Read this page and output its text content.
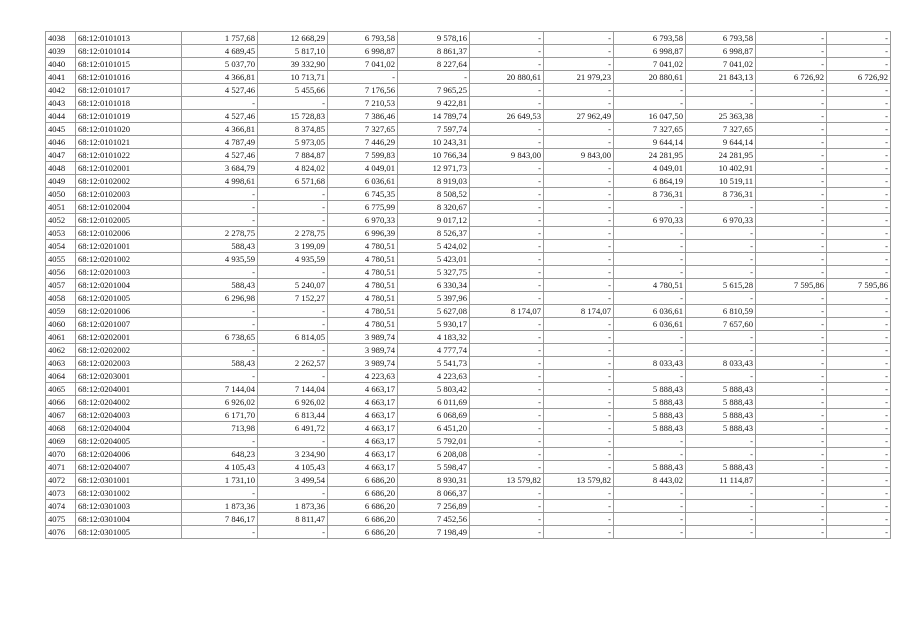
4038	68:12:0101013	1 757,68	12 668,29	6 793,58	9 578,16	-	-	6 793,58	6 793,58	-	-
4039	68:12:0101014	4 689,45	5 817,10	6 998,87	8 861,37	-	-	6 998,87	6 998,87	-	-
4040	68:12:0101015	5 037,70	39 332,90	7 041,02	8 227,64	-	-	7 041,02	7 041,02	-	-
4041	68:12:0101016	4 366,81	10 713,71	-	-	20 880,61	21 979,23	20 880,61	21 843,13	6 726,92	6 726,92
4042	68:12:0101017	4 527,46	5 455,66	7 176,56	7 965,25	-	-	-	-	-	-
4043	68:12:0101018	-	-	7 210,53	9 422,81	-	-	-	-	-	-
4044	68:12:0101019	4 527,46	15 728,83	7 386,46	14 789,74	26 649,53	27 962,49	16 047,50	25 363,38	-	-
4045	68:12:0101020	4 366,81	8 374,85	7 327,65	7 597,74	-	-	7 327,65	7 327,65	-	-
4046	68:12:0101021	4 787,49	5 973,05	7 446,29	10 243,31	-	-	9 644,14	9 644,14	-	-
4047	68:12:0101022	4 527,46	7 884,87	7 599,83	10 766,34	9 843,00	9 843,00	24 281,95	24 281,95	-	-
4048	68:12:0102001	3 684,79	4 824,02	4 049,01	12 971,73	-	-	4 049,01	10 402,91	-	-
4049	68:12:0102002	4 998,61	6 571,68	6 036,61	8 919,03	-	-	6 864,19	10 519,11	-	-
4050	68:12:0102003	-	-	6 745,35	8 508,52	-	-	8 736,31	8 736,31	-	-
4051	68:12:0102004	-	-	6 775,99	8 320,67	-	-	-	-	-	-
4052	68:12:0102005	-	-	6 970,33	9 017,12	-	-	6 970,33	6 970,33	-	-
4053	68:12:0102006	2 278,75	2 278,75	6 996,39	8 526,37	-	-	-	-	-	-
4054	68:12:0201001	588,43	3 199,09	4 780,51	5 424,02	-	-	-	-	-	-
4055	68:12:0201002	4 935,59	4 935,59	4 780,51	5 423,01	-	-	-	-	-	-
4056	68:12:0201003	-	-	4 780,51	5 327,75	-	-	-	-	-	-
4057	68:12:0201004	588,43	5 240,07	4 780,51	6 330,34	-	-	4 780,51	5 615,28	7 595,86	7 595,86
4058	68:12:0201005	6 296,98	7 152,27	4 780,51	5 397,96	-	-	-	-	-	-
4059	68:12:0201006	-	-	4 780,51	5 627,08	8 174,07	8 174,07	6 036,61	6 810,59	-	-
4060	68:12:0201007	-	-	4 780,51	5 930,17	-	-	6 036,61	7 657,60	-	-
4061	68:12:0202001	6 738,65	6 814,05	3 989,74	4 183,32	-	-	-	-	-	-
4062	68:12:0202002	-	-	3 989,74	4 777,74	-	-	-	-	-	-
4063	68:12:0202003	588,43	2 262,57	3 989,74	5 541,73	-	-	8 033,43	8 033,43	-	-
4064	68:12:0203001	-	-	4 223,63	4 223,63	-	-	-	-	-	-
4065	68:12:0204001	7 144,04	7 144,04	4 663,17	5 803,42	-	-	5 888,43	5 888,43	-	-
4066	68:12:0204002	6 926,02	6 926,02	4 663,17	6 011,69	-	-	5 888,43	5 888,43	-	-
4067	68:12:0204003	6 171,70	6 813,44	4 663,17	6 068,69	-	-	5 888,43	5 888,43	-	-
4068	68:12:0204004	713,98	6 491,72	4 663,17	6 451,20	-	-	5 888,43	5 888,43	-	-
4069	68:12:0204005	-	-	4 663,17	5 792,01	-	-	-	-	-	-
4070	68:12:0204006	648,23	3 234,90	4 663,17	6 208,08	-	-	-	-	-	-
4071	68:12:0204007	4 105,43	4 105,43	4 663,17	5 598,47	-	-	5 888,43	5 888,43	-	-
4072	68:12:0301001	1 731,10	3 499,54	6 686,20	8 930,31	13 579,82	13 579,82	8 443,02	11 114,87	-	-
4073	68:12:0301002	-	-	6 686,20	8 066,37	-	-	-	-	-	-
4074	68:12:0301003	1 873,36	1 873,36	6 686,20	7 256,89	-	-	-	-	-	-
4075	68:12:0301004	7 846,17	8 811,47	6 686,20	7 452,56	-	-	-	-	-	-
4076	68:12:0301005	-	-	6 686,20	7 198,49	-	-	-	-	-	-
